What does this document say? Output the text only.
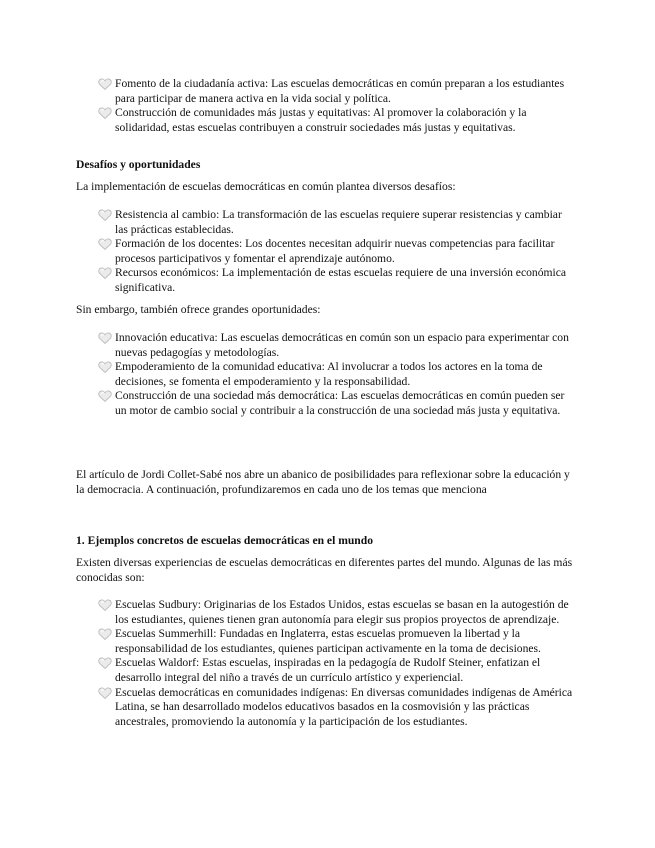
Fomento de la ciudadanía activa: Las escuelas democráticas en común preparan a los estudiantes para participar de manera activa en la vida social y política.
Construcción de comunidades más justas y equitativas: Al promover la colaboración y la solidaridad, estas escuelas contribuyen a construir sociedades más justas y equitativas.

Desafíos y oportunidades

La implementación de escuelas democráticas en común plantea diversos desafíos:

Resistencia al cambio: La transformación de las escuelas requiere superar resistencias y cambiar las prácticas establecidas.
Formación de los docentes: Los docentes necesitan adquirir nuevas competencias para facilitar procesos participativos y fomentar el aprendizaje autónomo.
Recursos económicos: La implementación de estas escuelas requiere de una inversión económica significativa.

Sin embargo, también ofrece grandes oportunidades:

Innovación educativa: Las escuelas democráticas en común son un espacio para experimentar con nuevas pedagogías y metodologías.
Empoderamiento de la comunidad educativa: Al involucrar a todos los actores en la toma de decisiones, se fomenta el empoderamiento y la responsabilidad.
Construcción de una sociedad más democrática: Las escuelas democráticas en común pueden ser un motor de cambio social y contribuir a la construcción de una sociedad más justa y equitativa.

El artículo de Jordi Collet-Sabé nos abre un abanico de posibilidades para reflexionar sobre la educación y la democracia. A continuación, profundizaremos en cada uno de los temas que menciona

1. Ejemplos concretos de escuelas democráticas en el mundo

Existen diversas experiencias de escuelas democráticas en diferentes partes del mundo. Algunas de las más conocidas son:

Escuelas Sudbury: Originarias de los Estados Unidos, estas escuelas se basan en la autogestión de los estudiantes, quienes tienen gran autonomía para elegir sus propios proyectos de aprendizaje.
Escuelas Summerhill: Fundadas en Inglaterra, estas escuelas promueven la libertad y la responsabilidad de los estudiantes, quienes participan activamente en la toma de decisiones.
Escuelas Waldorf: Estas escuelas, inspiradas en la pedagogía de Rudolf Steiner, enfatizan el desarrollo integral del niño a través de un currículo artístico y experiencial.
Escuelas democráticas en comunidades indígenas: En diversas comunidades indígenas de América Latina, se han desarrollado modelos educativos basados en la cosmovisión y las prácticas ancestrales, promoviendo la autonomía y la participación de los estudiantes.
